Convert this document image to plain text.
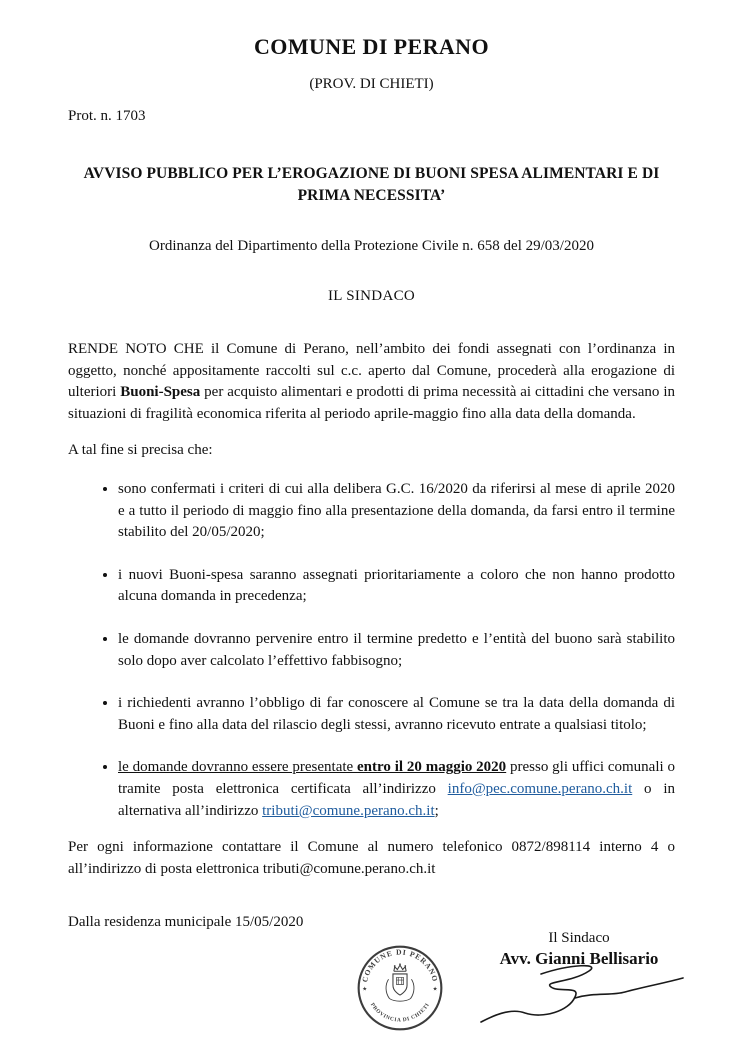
COMUNE DI PERANO
(PROV. DI CHIETI)
Prot. n. 1703
AVVISO PUBBLICO PER L’EROGAZIONE DI BUONI SPESA ALIMENTARI E DI PRIMA NECESSITA’
Ordinanza del Dipartimento della Protezione Civile n. 658 del 29/03/2020
IL SINDACO

RENDE NOTO CHE il Comune di Perano, nell’ambito dei fondi assegnati con l’ordinanza in oggetto, nonché appositamente raccolti sul c.c. aperto dal Comune, procederà alla erogazione di ulteriori Buoni-Spesa per acquisto alimentari e prodotti di prima necessità ai cittadini che versano in situazioni di fragilità economica riferita al periodo aprile-maggio fino alla data della domanda.

A tal fine si precisa che:

• sono confermati i criteri di cui alla delibera G.C. 16/2020 da riferirsi al mese di aprile 2020 e a tutto il periodo di maggio fino alla presentazione della domanda, da farsi entro il termine stabilito del 20/05/2020;
• i nuovi Buoni-spesa saranno assegnati prioritariamente a coloro che non hanno prodotto alcuna domanda in precedenza;
• le domande dovranno pervenire entro il termine predetto e l’entità del buono sarà stabilito solo dopo aver calcolato l’effettivo fabbisogno;
• i richiedenti avranno l’obbligo di far conoscere al Comune se tra la data della domanda di Buoni e fino alla data del rilascio degli stessi, avranno ricevuto entrate a qualsiasi titolo;
• le domande dovranno essere presentate entro il 20 maggio 2020 presso gli uffici comunali o tramite posta elettronica certificata all’indirizzo info@pec.comune.perano.ch.it o in alternativa all’indirizzo tributi@comune.perano.ch.it;

Per ogni informazione contattare il Comune al numero telefonico 0872/898114 interno 4 o all’indirizzo di posta elettronica tributi@comune.perano.ch.it

Dalla residenza municipale 15/05/2020
Il Sindaco
Avv. Gianni Bellisario
COMUNE DI PERANO
PROVINCIA DI CHIETI
★	★
